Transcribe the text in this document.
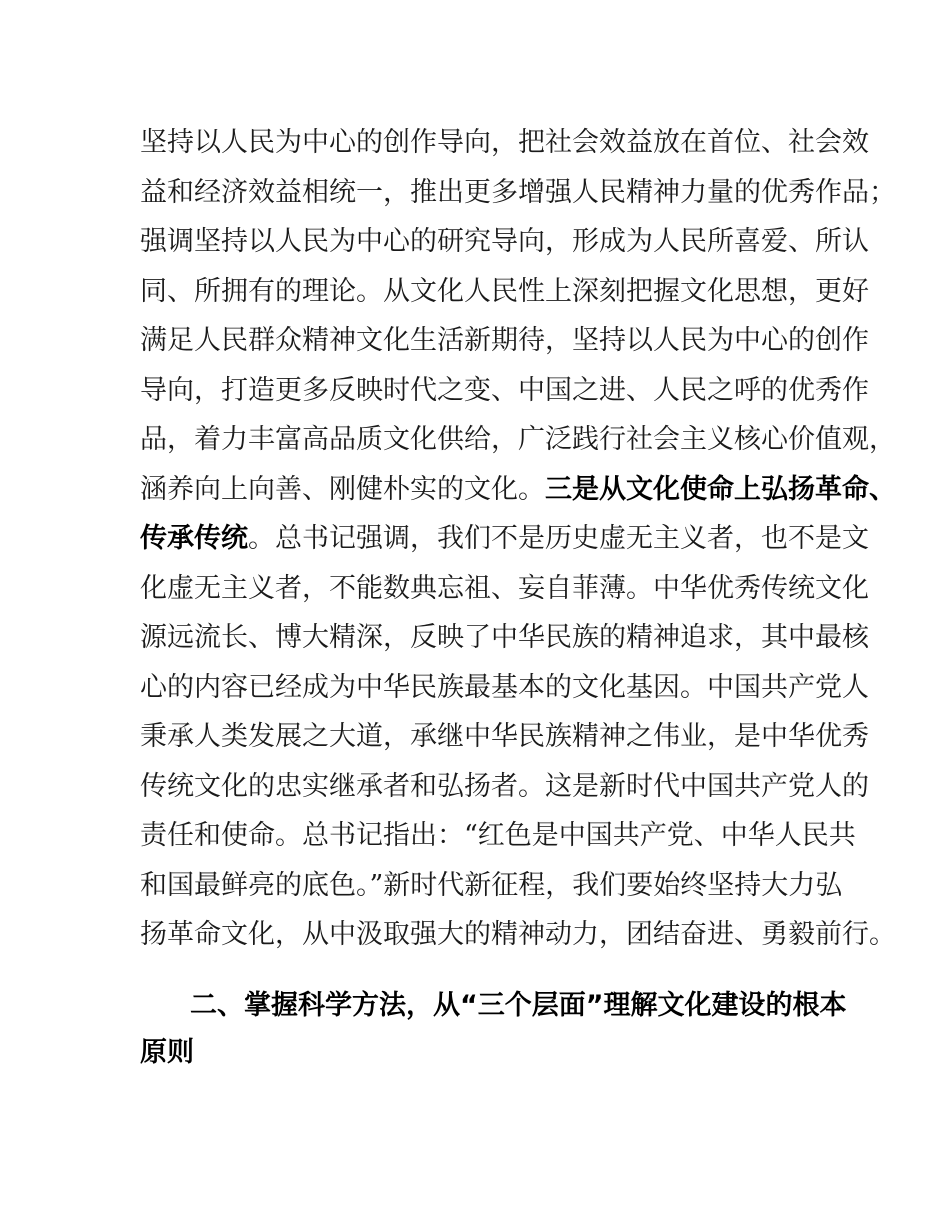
坚持以人民为中心的创作导向，把社会效益放在首位、社会效
益和经济效益相统一，推出更多增强人民精神力量的优秀作品；
强调坚持以人民为中心的研究导向，形成为人民所喜爱、所认
同、所拥有的理论。从文化人民性上深刻把握文化思想，更好
满足人民群众精神文化生活新期待，坚持以人民为中心的创作
导向，打造更多反映时代之变、中国之进、人民之呼的优秀作
品，着力丰富高品质文化供给，广泛践行社会主义核心价值观，
涵养向上向善、刚健朴实的文化。三是从文化使命上弘扬革命、
传承传统。总书记强调，我们不是历史虚无主义者，也不是文
化虚无主义者，不能数典忘祖、妄自菲薄。中华优秀传统文化
源远流长、博大精深，反映了中华民族的精神追求，其中最核
心的内容已经成为中华民族最基本的文化基因。中国共产党人
秉承人类发展之大道，承继中华民族精神之伟业，是中华优秀
传统文化的忠实继承者和弘扬者。这是新时代中国共产党人的
责任和使命。总书记指出：“红色是中国共产党、中华人民共
和国最鲜亮的底色。”新时代新征程，我们要始终坚持大力弘
扬革命文化，从中汲取强大的精神动力，团结奋进、勇毅前行。
二、掌握科学方法，从“三个层面”理解文化建设的根本
原则
